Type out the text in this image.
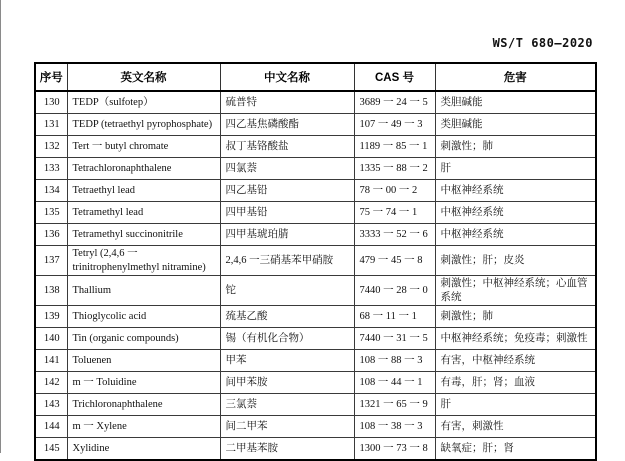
WS/T 680—2020
序号	英文名称	中文名称	CAS 号	危害
130	TEDP（sulfotep）	硫普特	3689 一 24 一 5	类胆碱能
131	TEDP (tetraethyl pyrophosphate)	四乙基焦磷酸酯	107 一 49 一 3	类胆碱能
132	Tert 一 butyl chromate	叔丁基铬酸盐	1189 一 85 一 1	刺激性；肺
133	Tetrachloronaphthalene	四氯萘	1335 一 88 一 2	肝
134	Tetraethyl lead	四乙基铅	78 一 00 一 2	中枢神经系统
135	Tetramethyl lead	四甲基铅	75 一 74 一 1	中枢神经系统
136	Tetramethyl succinonitrile	四甲基琥珀腈	3333 一 52 一 6	中枢神经系统
137	Tetryl (2,4,6 一 trinitrophenylmethyl nitramine)	2,4,6 一三硝基苯甲硝胺	479 一 45 一 8	刺激性；肝；皮炎
138	Thallium	铊	7440 一 28 一 0	刺激性；中枢神经系统；心血管系统
139	Thioglycolic acid	巯基乙酸	68 一 11 一 1	刺激性；肺
140	Tin (organic compounds)	锡（有机化合物）	7440 一 31 一 5	中枢神经系统；免疫毒；刺激性
141	Toluenen	甲苯	108 一 88 一 3	有害，中枢神经系统
142	m 一 Toluidine	间甲苯胺	108 一 44 一 1	有毒，肝；肾；血液
143	Trichloronaphthalene	三氯萘	1321 一 65 一 9	肝
144	m 一 Xylene	间二甲苯	108 一 38 一 3	有害，刺激性
145	Xylidine	二甲基苯胺	1300 一 73 一 8	缺氧症；肝；肾
